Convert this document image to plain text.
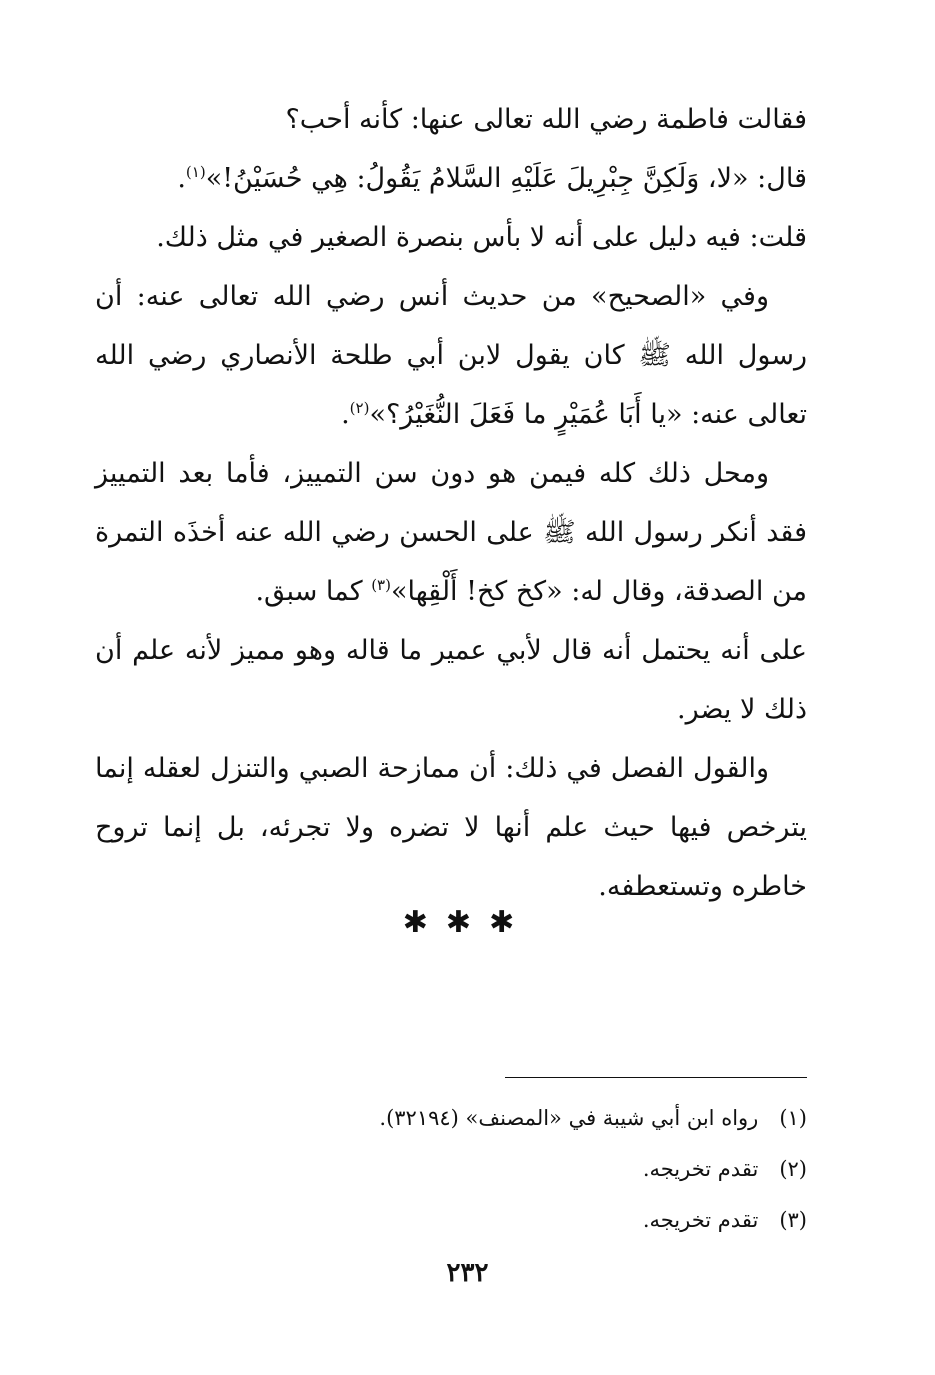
فقالت فاطمة رضي الله تعالى عنها: كأنه أحب؟

قال: «لا، وَلَكِنَّ جِبْرِيلَ عَلَيْهِ السَّلامُ يَقُولُ: هِي حُسَيْنُ!»$^{(١)}$.

قلت: فيه دليل على أنه لا بأس بنصرة الصغير في مثل ذلك.

وفي «الصحيح» من حديث أنس رضي الله تعالى عنه: أن رسول الله ﷺ كان يقول لابن أبي طلحة الأنصاري رضي الله تعالى عنه: «يا أَبَا عُمَيْرٍ ما فَعَلَ النُّغَيْرُ؟»$^{(٢)}$.

ومحل ذلك كله فيمن هو دون سن التمييز، فأما بعد التمييز فقد أنكر رسول الله ﷺ على الحسن رضي الله عنه أخذَه التمرة من الصدقة، وقال له: «كخ كخ! أَلْقِها»$^{(٣)}$ كما سبق.

على أنه يحتمل أنه قال لأبي عمير ما قاله وهو مميز لأنه علم أن ذلك لا يضر.

والقول الفصل في ذلك: أن ممازحة الصبي والتنزل لعقله إنما يترخص فيها حيث علم أنها لا تضره ولا تجرئه، بل إنما تروح خاطره وتستعطفه.

✱✱✱

(١) رواه ابن أبي شيبة في «المصنف» (٣٢١٩٤).

(٢) تقدم تخريجه.

(٣) تقدم تخريجه.

٢٣٢
